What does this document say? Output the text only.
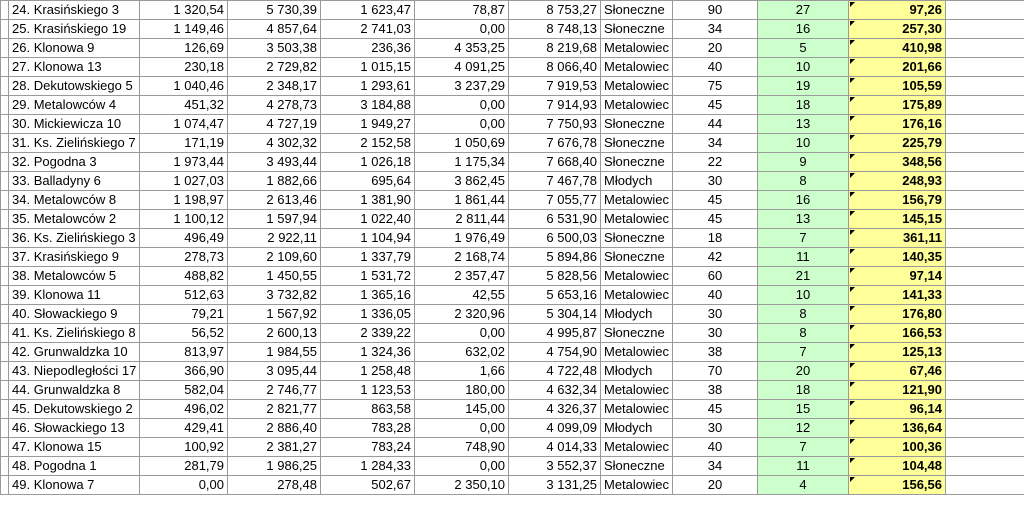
	24. Krasińskiego 3	1 320,54	5 730,39	1 623,47	78,87	8 753,27	Słoneczne	90	27	97,26	
	25. Krasińskiego 19	1 149,46	4 857,64	2 741,03	0,00	8 748,13	Słoneczne	34	16	257,30	
	26. Klonowa 9	126,69	3 503,38	236,36	4 353,25	8 219,68	Metalowiec	20	5	410,98	
	27. Klonowa 13	230,18	2 729,82	1 015,15	4 091,25	8 066,40	Metalowiec	40	10	201,66	
	28. Dekutowskiego 5	1 040,46	2 348,17	1 293,61	3 237,29	7 919,53	Metalowiec	75	19	105,59	
	29. Metalowców 4	451,32	4 278,73	3 184,88	0,00	7 914,93	Metalowiec	45	18	175,89	
	30. Mickiewicza 10	1 074,47	4 727,19	1 949,27	0,00	7 750,93	Słoneczne	44	13	176,16	
	31. Ks. Zielińskiego 7	171,19	4 302,32	2 152,58	1 050,69	7 676,78	Słoneczne	34	10	225,79	
	32. Pogodna 3	1 973,44	3 493,44	1 026,18	1 175,34	7 668,40	Słoneczne	22	9	348,56	
	33. Balladyny 6	1 027,03	1 882,66	695,64	3 862,45	7 467,78	Młodych	30	8	248,93	
	34. Metalowców 8	1 198,97	2 613,46	1 381,90	1 861,44	7 055,77	Metalowiec	45	16	156,79	
	35. Metalowców 2	1 100,12	1 597,94	1 022,40	2 811,44	6 531,90	Metalowiec	45	13	145,15	
	36. Ks. Zielińskiego 3	496,49	2 922,11	1 104,94	1 976,49	6 500,03	Słoneczne	18	7	361,11	
	37. Krasińskiego 9	278,73	2 109,60	1 337,79	2 168,74	5 894,86	Słoneczne	42	11	140,35	
	38. Metalowców 5	488,82	1 450,55	1 531,72	2 357,47	5 828,56	Metalowiec	60	21	97,14	
	39. Klonowa 11	512,63	3 732,82	1 365,16	42,55	5 653,16	Metalowiec	40	10	141,33	
	40. Słowackiego 9	79,21	1 567,92	1 336,05	2 320,96	5 304,14	Młodych	30	8	176,80	
	41. Ks. Zielińskiego 8	56,52	2 600,13	2 339,22	0,00	4 995,87	Słoneczne	30	8	166,53	
	42. Grunwaldzka 10	813,97	1 984,55	1 324,36	632,02	4 754,90	Metalowiec	38	7	125,13	
	43. Niepodległości 17	366,90	3 095,44	1 258,48	1,66	4 722,48	Młodych	70	20	67,46	
	44. Grunwaldzka 8	582,04	2 746,77	1 123,53	180,00	4 632,34	Metalowiec	38	18	121,90	
	45. Dekutowskiego 2	496,02	2 821,77	863,58	145,00	4 326,37	Metalowiec	45	15	96,14	
	46. Słowackiego 13	429,41	2 886,40	783,28	0,00	4 099,09	Młodych	30	12	136,64	
	47. Klonowa 15	100,92	2 381,27	783,24	748,90	4 014,33	Metalowiec	40	7	100,36	
	48. Pogodna 1	281,79	1 986,25	1 284,33	0,00	3 552,37	Słoneczne	34	11	104,48	
	49. Klonowa 7	0,00	278,48	502,67	2 350,10	3 131,25	Metalowiec	20	4	156,56	
